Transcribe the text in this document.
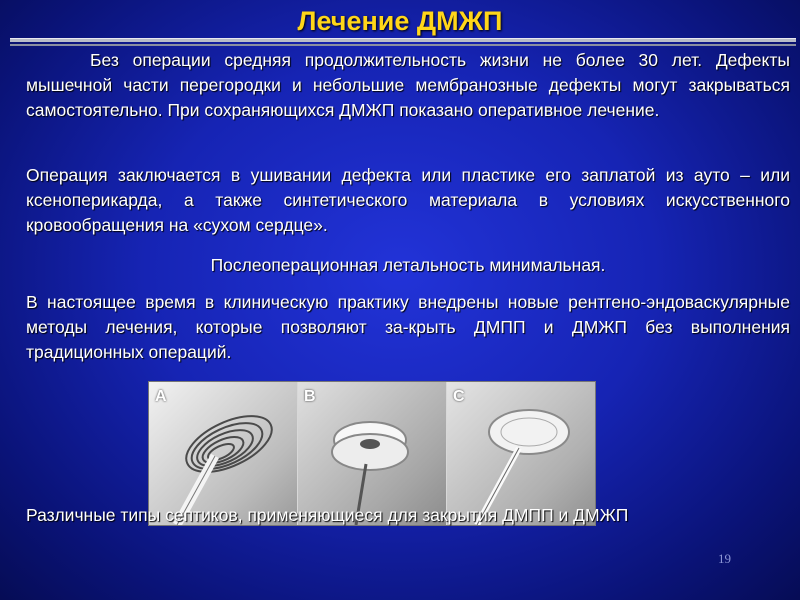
Лечение ДМЖП

Без операции средняя продолжительность жизни не более 30 лет. Дефекты мышечной части перегородки и небольшие мембранозные дефекты могут закрываться самостоятельно. При сохраняющихся ДМЖП показано оперативное лечение.

Операция заключается в ушивании дефекта или пластике его заплатой из ауто – или ксеноперикарда, а также синтетического материала в условиях искусственного кровообращения на «сухом сердце».

Послеоперационная летальность минимальная.

В настоящее время в клиническую практику внедрены новые рентгено-эндоваскулярные методы лечения, которые позволяют за-крыть ДМПП и ДМЖП без выполнения традиционных операций.

A	B	C
Различные типы септиков, применяющиеся для закрытия ДМПП и ДМЖП
19
